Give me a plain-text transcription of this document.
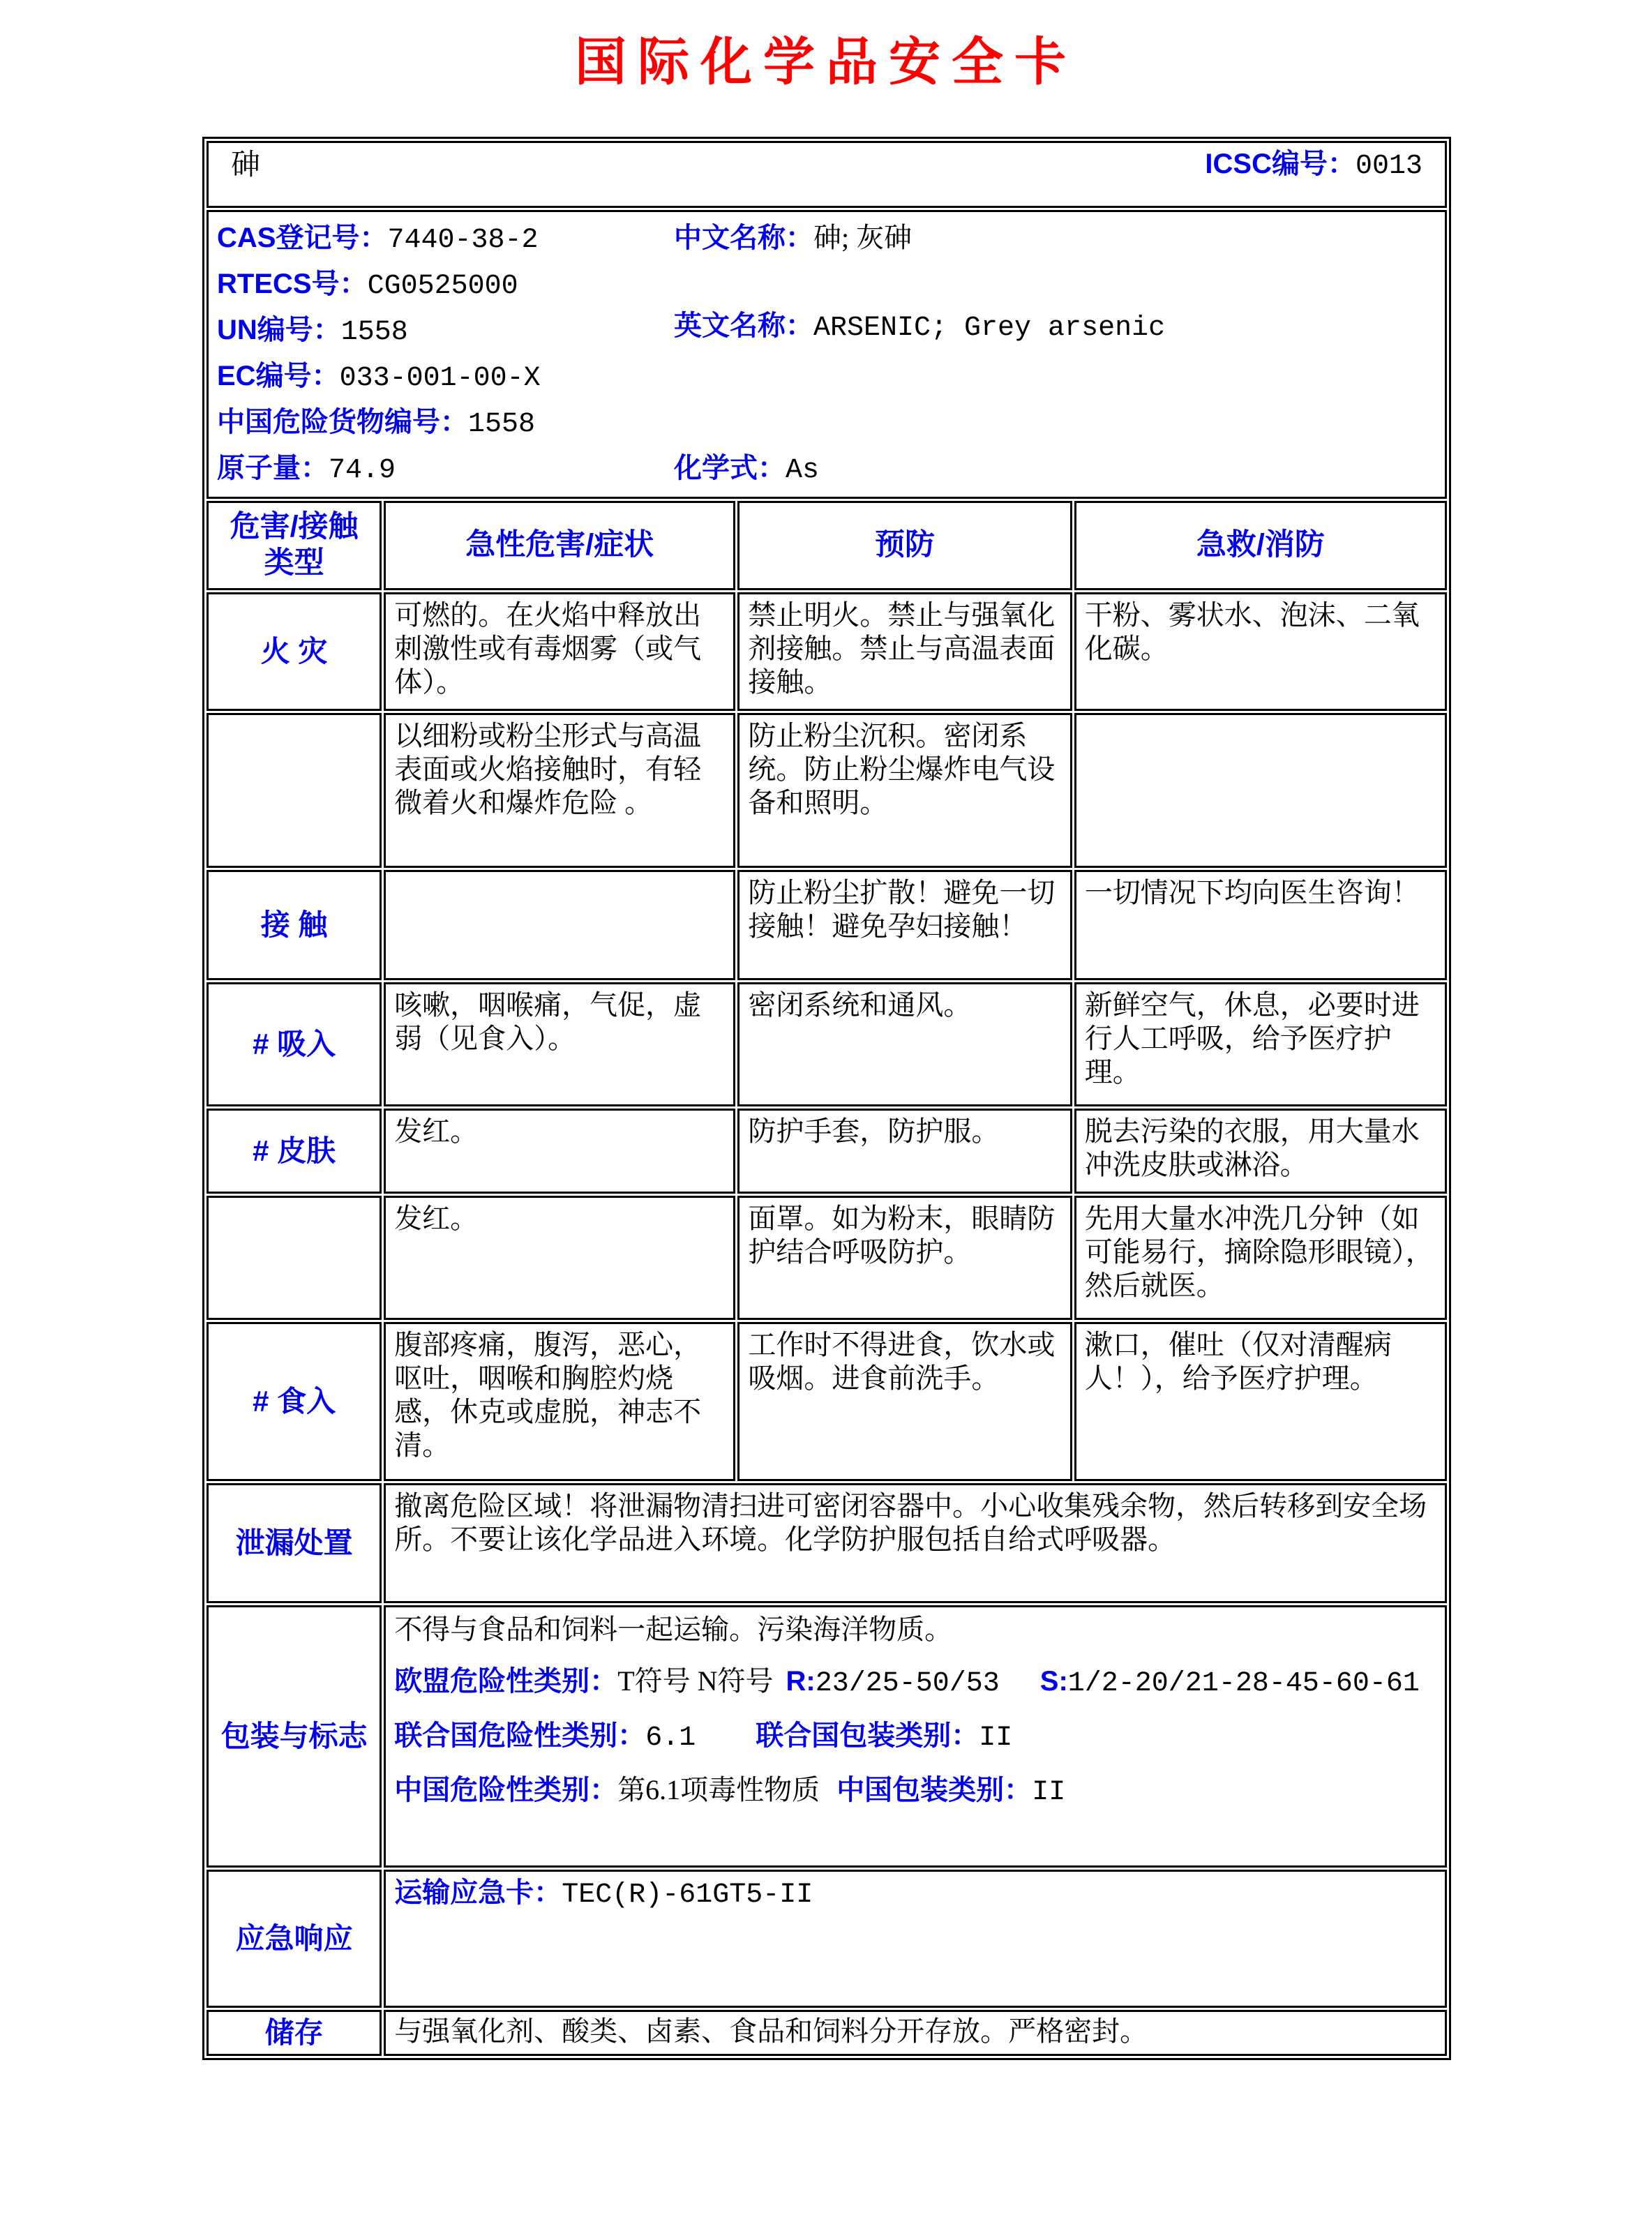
国际化学品安全卡
砷 ICSC编号：0013			

CAS登记号：7440-38-2
RTECS号：CG0525000
UN编号：1558
EC编号：033-001-00-X
中国危险货物编号：1558
原子量：74.9
中文名称：砷; 灰砷
英文名称：ARSENIC; Grey arsenic
化学式：As

危害/接触类型	急性危害/症状	预防	急救/消防
火 灾	可燃的。在火焰中释放出刺激性或有毒烟雾（或气体）。	禁止明火。禁止与强氧化剂接触。禁止与高温表面接触。	干粉、雾状水、泡沫、二氧化碳。
	以细粉或粉尘形式与高温表面或火焰接触时，有轻微着火和爆炸危险 。	防止粉尘沉积。密闭系统。防止粉尘爆炸电气设备和照明。	
接 触		防止粉尘扩散！避免一切接触！避免孕妇接触！	一切情况下均向医生咨询！
# 吸入	咳嗽，咽喉痛，气促，虚弱（见食入）。	密闭系统和通风。	新鲜空气，休息，必要时进行人工呼吸，给予医疗护理。
# 皮肤	发红。	防护手套，防护服。	脱去污染的衣服，用大量水冲洗皮肤或淋浴。
	发红。	面罩。如为粉末，眼睛防护结合呼吸防护。	先用大量水冲洗几分钟（如可能易行，摘除隐形眼镜），然后就医。
# 食入	腹部疼痛，腹泻，恶心，呕吐，咽喉和胸腔灼烧感，休克或虚脱，神志不清。	工作时不得进食，饮水或吸烟。进食前洗手。	漱口，催吐（仅对清醒病人！），给予医疗护理。
泄漏处置	撤离危险区域！将泄漏物清扫进可密闭容器中。小心收集残余物，然后转移到安全场所。不要让该化学品进入环境。化学防护服包括自给式呼吸器。		
包装与标志	不得与食品和饲料一起运输。污染海洋物质。
欧盟危险性类别：T符号 N符号 R:23/25-50/53 S:1/2-20/21-28-45-60-61
联合国危险性类别：6.1 联合国包装类别：II
中国危险性类别：第6.1项毒性物质 中国包装类别：II		

应急响应	运输应急卡：TEC(R)-61GT5-II		
储存	与强氧化剂、酸类、卤素、食品和饲料分开存放。严格密封。		
